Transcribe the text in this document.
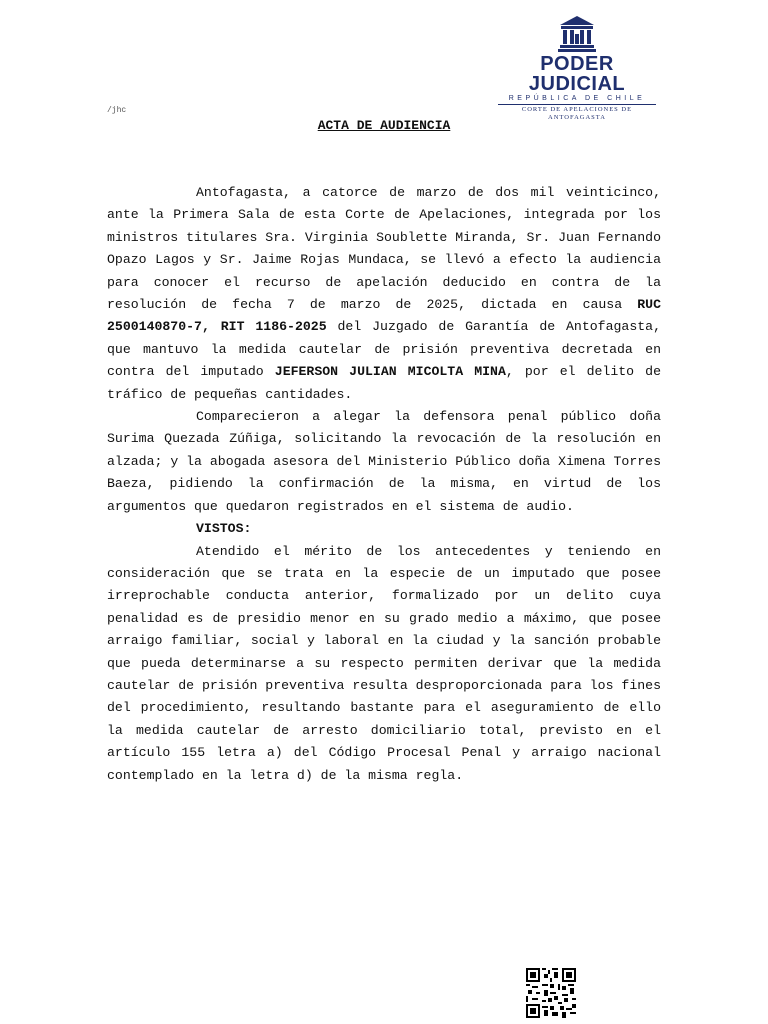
PODER JUDICIAL
REPÚBLICA DE CHILE
CORTE DE APELACIONES DE ANTOFAGASTA
/jhc
ACTA DE AUDIENCIA

Antofagasta, a catorce de marzo de dos mil veinticinco, ante la Primera Sala de esta Corte de Apelaciones, integrada por los ministros titulares Sra. Virginia Soublette Miranda, Sr. Juan Fernando Opazo Lagos y Sr. Jaime Rojas Mundaca, se llevó a efecto la audiencia para conocer el recurso de apelación deducido en contra de la resolución de fecha 7 de marzo de 2025, dictada en causa RUC 2500140870-7, RIT 1186-2025 del Juzgado de Garantía de Antofagasta, que mantuvo la medida cautelar de prisión preventiva decretada en contra del imputado JEFERSON JULIAN MICOLTA MINA, por el delito de tráfico de pequeñas cantidades.

Comparecieron a alegar la defensora penal público doña Surima Quezada Zúñiga, solicitando la revocación de la resolución en alzada; y la abogada asesora del Ministerio Público doña Ximena Torres Baeza, pidiendo la confirmación de la misma, en virtud de los argumentos que quedaron registrados en el sistema de audio.

VISTOS:

Atendido el mérito de los antecedentes y teniendo en consideración que se trata en la especie de un imputado que posee irreprochable conducta anterior, formalizado por un delito cuya penalidad es de presidio menor en su grado medio a máximo, que posee arraigo familiar, social y laboral en la ciudad y la sanción probable que pueda determinarse a su respecto permiten derivar que la medida cautelar de prisión preventiva resulta desproporcionada para los fines del procedimiento, resultando bastante para el aseguramiento de ello la medida cautelar de arresto domiciliario total, previsto en el artículo 155 letra a) del Código Procesal Penal y arraigo nacional contemplado en la letra d) de la misma regla.
